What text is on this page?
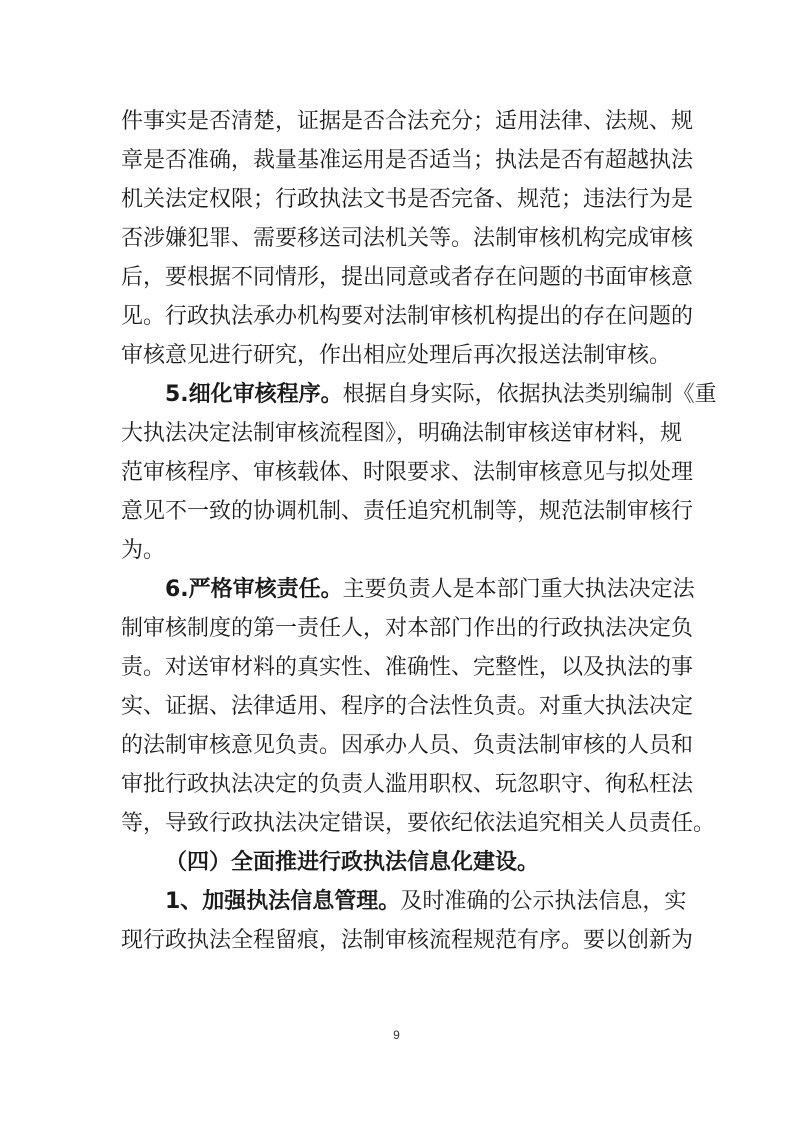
件事实是否清楚，证据是否合法充分；适用法律、法规、规
章是否准确，裁量基准运用是否适当；执法是否有超越执法
机关法定权限；行政执法文书是否完备、规范；违法行为是
否涉嫌犯罪、需要移送司法机关等。法制审核机构完成审核
后，要根据不同情形，提出同意或者存在问题的书面审核意
见。行政执法承办机构要对法制审核机构提出的存在问题的
审核意见进行研究，作出相应处理后再次报送法制审核。
5.细化审核程序。根据自身实际，依据执法类别编制《重
大执法决定法制审核流程图》，明确法制审核送审材料，规
范审核程序、审核载体、时限要求、法制审核意见与拟处理
意见不一致的协调机制、责任追究机制等，规范法制审核行
为。
6.严格审核责任。主要负责人是本部门重大执法决定法
制审核制度的第一责任人，对本部门作出的行政执法决定负
责。对送审材料的真实性、准确性、完整性，以及执法的事
实、证据、法律适用、程序的合法性负责。对重大执法决定
的法制审核意见负责。因承办人员、负责法制审核的人员和
审批行政执法决定的负责人滥用职权、玩忽职守、徇私枉法
等，导致行政执法决定错误，要依纪依法追究相关人员责任。
（四）全面推进行政执法信息化建设。
1、加强执法信息管理。及时准确的公示执法信息，实
现行政执法全程留痕，法制审核流程规范有序。要以创新为
9
